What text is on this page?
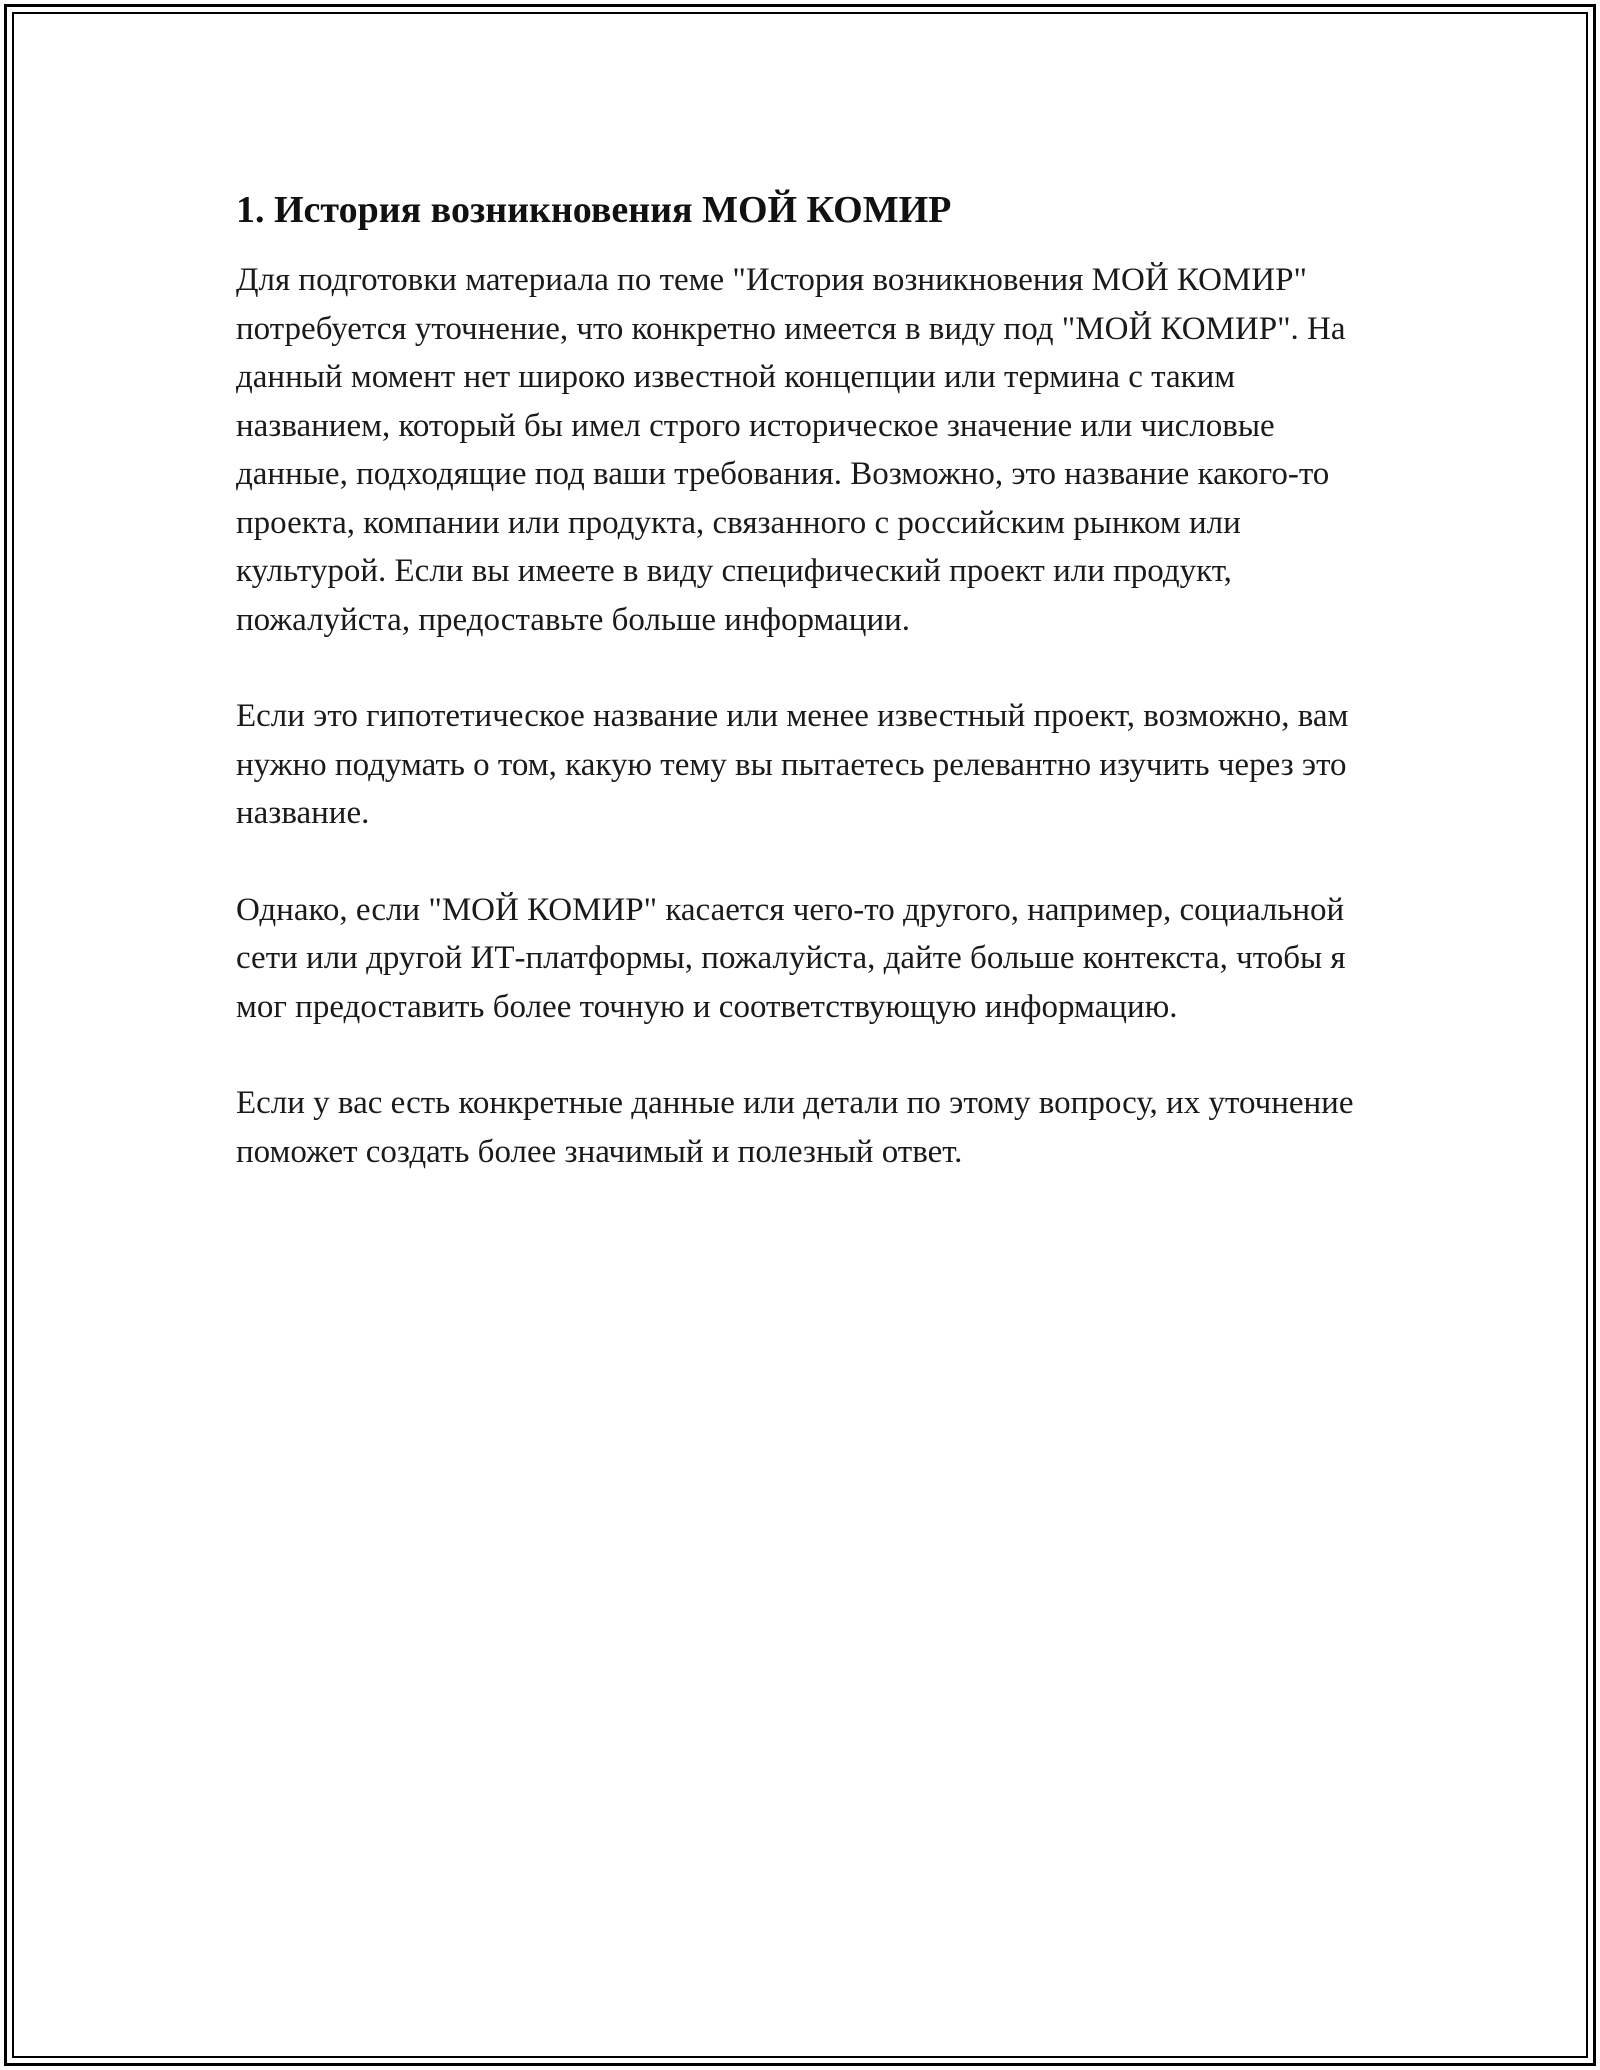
1. История возникновения МОЙ КОМИР

Для подготовки материала по теме "История возникновения МОЙ КОМИР" потребуется уточнение, что конкретно имеется в виду под "МОЙ КОМИР". На данный момент нет широко известной концепции или термина с таким названием, который бы имел строго историческое значение или числовые данные, подходящие под ваши требования. Возможно, это название какого-то проекта, компании или продукта, связанного с российским рынком или культурой. Если вы имеете в виду специфический проект или продукт, пожалуйста, предоставьте больше информации.

Если это гипотетическое название или менее известный проект, возможно, вам нужно подумать о том, какую тему вы пытаетесь релевантно изучить через это название.

Однако, если "МОЙ КОМИР" касается чего-то другого, например, социальной сети или другой ИТ-платформы, пожалуйста, дайте больше контекста, чтобы я мог предоставить более точную и соответствующую информацию.

Если у вас есть конкретные данные или детали по этому вопросу, их уточнение поможет создать более значимый и полезный ответ.
